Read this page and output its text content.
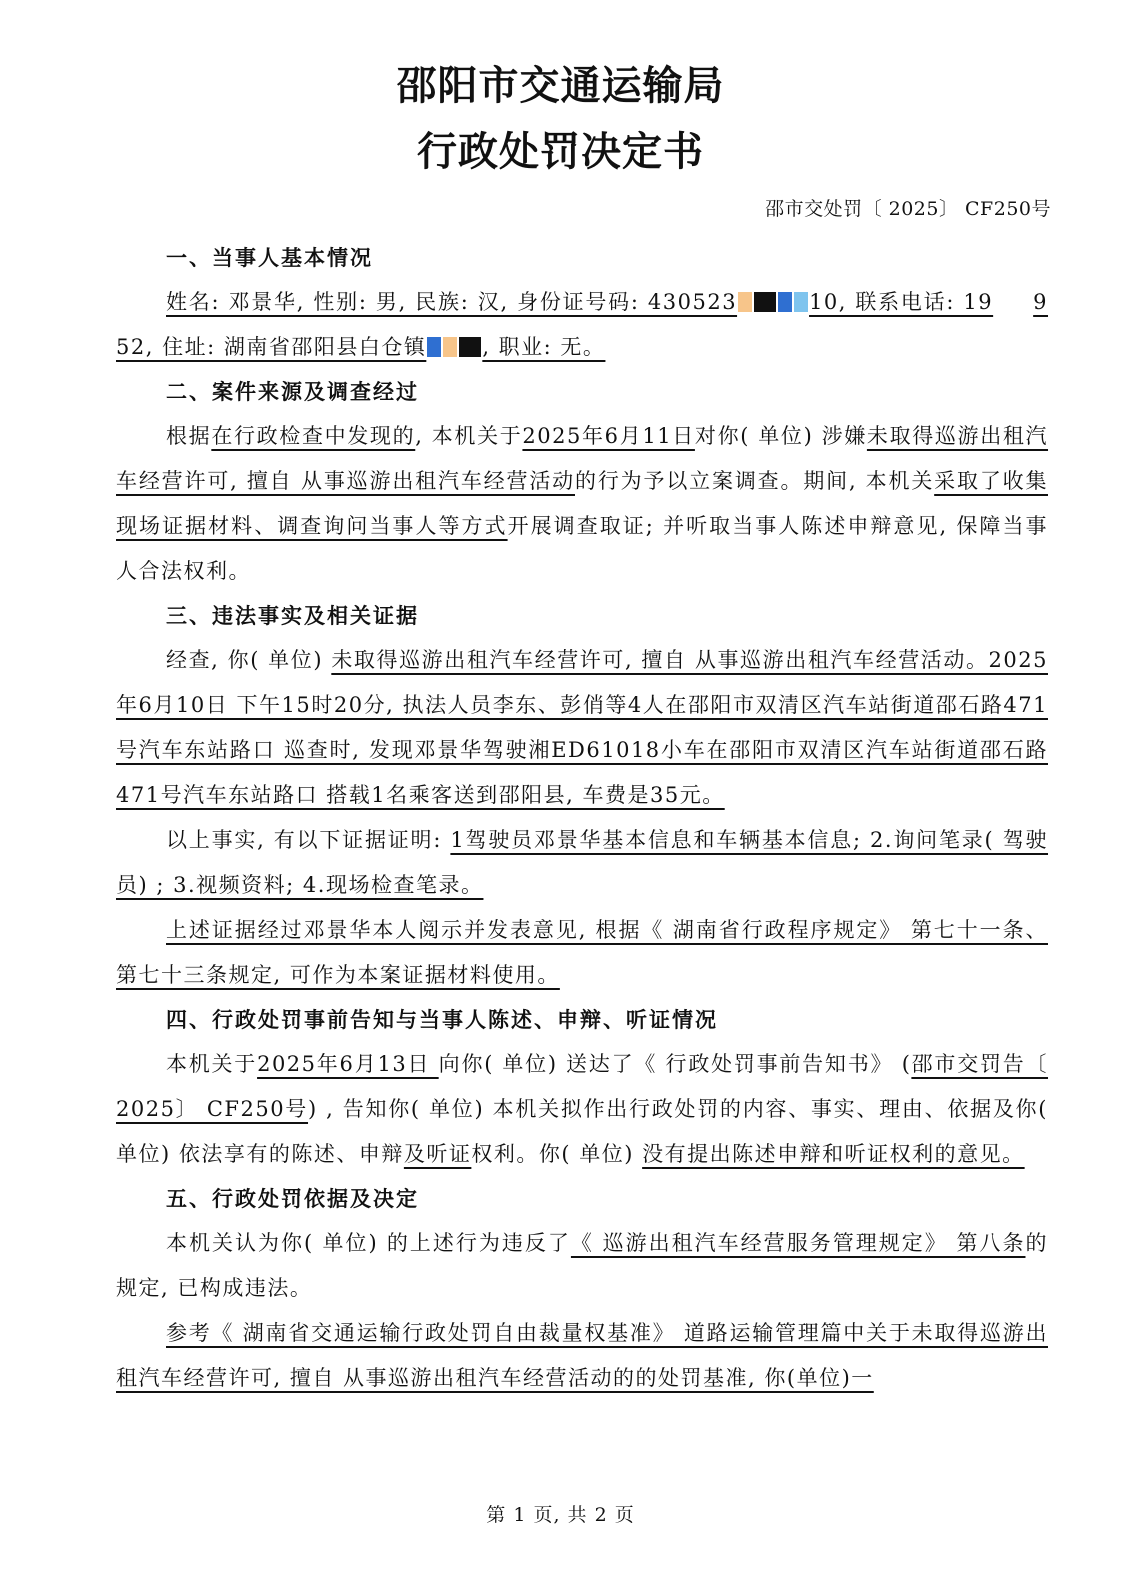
邵阳市交通运输局
行政处罚决定书
邵市交处罚〔 2025〕 CF250号
一、当事人基本情况

姓名: 邓景华, 性别: 男, 民族: 汉, 身份证号码: 430523	10, 联系电话: 19 952, 住址: 湖南省邵阳县白仓镇	, 职业: 无。

二、案件来源及调查经过

根据在行政检查中发现的, 本机关于2025年6月11日对你( 单位) 涉嫌未取得巡游出租汽车经营许可, 擅自 从事巡游出租汽车经营活动的行为予以立案调查。期间, 本机关采取了收集现场证据材料、调查询问当事人等方式开展调查取证; 并听取当事人陈述申辩意见, 保障当事人合法权利。

三、违法事实及相关证据

经查, 你( 单位) 未取得巡游出租汽车经营许可, 擅自 从事巡游出租汽车经营活动。2025年6月10日 下午15时20分, 执法人员李东、彭俏等4人在邵阳市双清区汽车站街道邵石路471号汽车东站路口 巡查时, 发现邓景华驾驶湘ED61018小车在邵阳市双清区汽车站街道邵石路471号汽车东站路口 搭载1名乘客送到邵阳县, 车费是35元。

以上事实, 有以下证据证明: 1驾驶员邓景华基本信息和车辆基本信息; 2.询问笔录( 驾驶员) ; 3.视频资料; 4.现场检查笔录。

上述证据经过邓景华本人阅示并发表意见, 根据《 湖南省行政程序规定》 第七十一条、第七十三条规定, 可作为本案证据材料使用。

四、行政处罚事前告知与当事人陈述、申辩、听证情况

本机关于2025年6月13日 向你( 单位) 送达了《 行政处罚事前告知书》 (邵市交罚告〔 2025〕 CF250号) , 告知你( 单位) 本机关拟作出行政处罚的内容、事实、理由、依据及你( 单位) 依法享有的陈述、申辩及听证权利。你( 单位) 没有提出陈述申辩和听证权利的意见。

五、行政处罚依据及决定

本机关认为你( 单位) 的上述行为违反了《 巡游出租汽车经营服务管理规定》 第八条的规定, 已构成违法。

参考《 湖南省交通运输行政处罚自由裁量权基准》 道路运输管理篇中关于未取得巡游出租汽车经营许可, 擅自 从事巡游出租汽车经营活动的的处罚基准, 你(单位)一

第 1 页, 共 2 页
